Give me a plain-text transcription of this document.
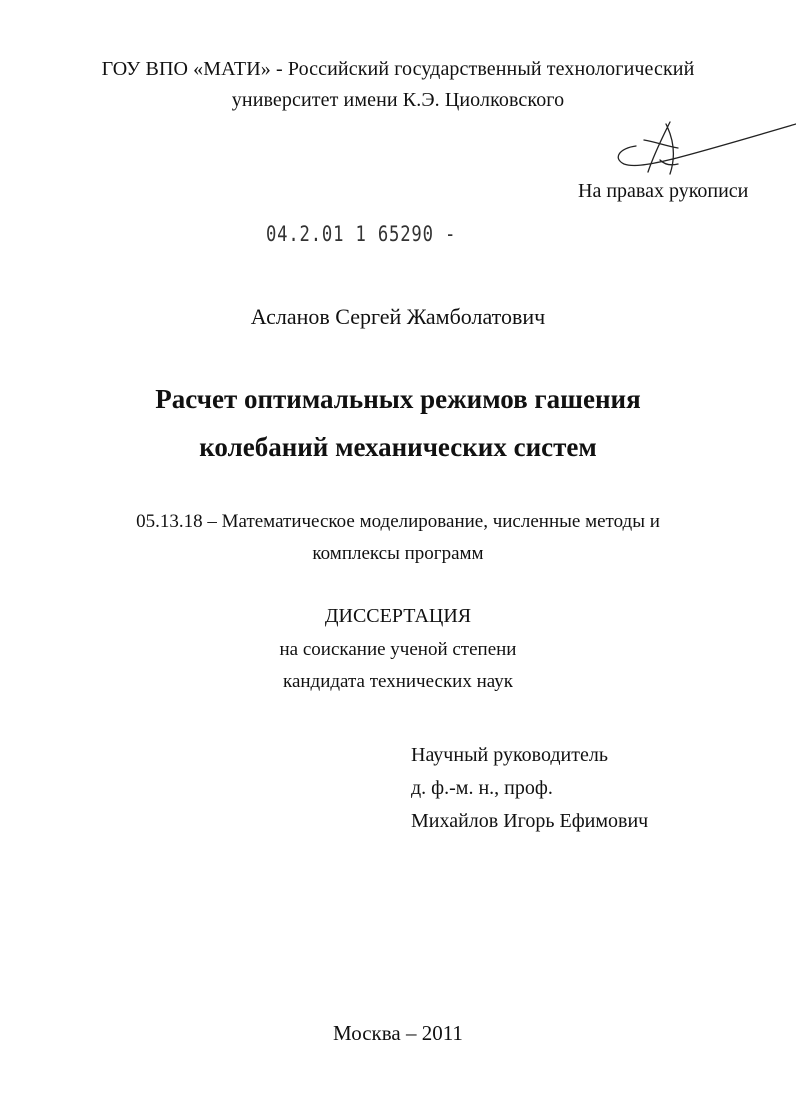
ГОУ ВПО «МАТИ» - Российский государственный технологический
университет имени К.Э. Циолковского
На правах рукописи
04.2.01 1 65290 -
Асланов Сергей Жамболатович
Расчет оптимальных режимов гашения
колебаний механических систем
05.13.18 – Математическое моделирование, численные методы и
комплексы программ
ДИССЕРТАЦИЯ
на соискание ученой степени
кандидата технических наук
Научный руководитель
д. ф.-м. н., проф.
Михайлов Игорь Ефимович
Москва – 2011
